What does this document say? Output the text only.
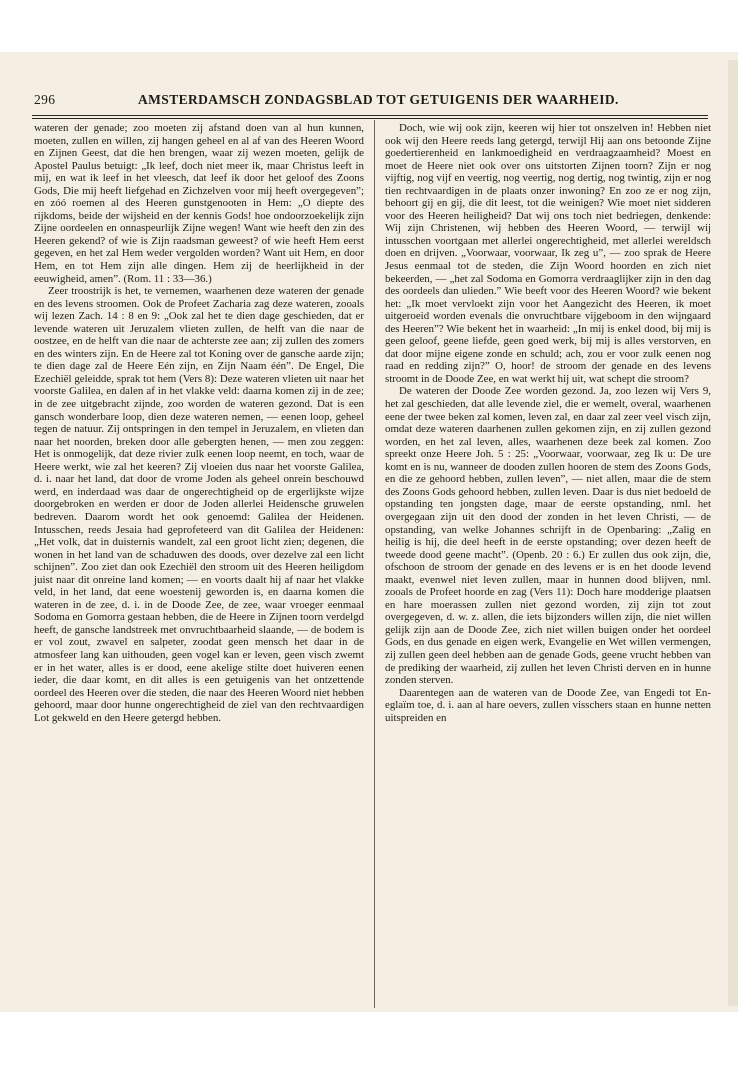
296	AMSTERDAMSCH ZONDAGSBLAD TOT GETUIGENIS DER WAARHEID.

wateren der genade; zoo moeten zij afstand doen van al hun kunnen, moeten, zullen en willen, zij hangen geheel en al af van des Heeren Woord en Zijnen Geest, dat die hen brengen, waar zij wezen moeten, gelijk de Apostel Paulus betuigt: „Ik leef, doch niet meer ik, maar Christus leeft in mij, en wat ik leef in het vleesch, dat leef ik door het geloof des Zoons Gods, Die mij heeft liefgehad en Zichzelven voor mij heeft overgegeven”; en zóó roemen al des Heeren gunstgenooten in Hem: „O diepte des rijkdoms, beide der wijsheid en der kennis Gods! hoe ondoorzoekelijk zijn Zijne oordeelen en onnaspeurlijk Zijne wegen! Want wie heeft den zin des Heeren gekend? of wie is Zijn raadsman geweest? of wie heeft Hem eerst gegeven, en het zal Hem weder vergolden worden? Want uit Hem, en door Hem, en tot Hem zijn alle dingen. Hem zij de heerlijkheid in der eeuwigheid, amen”. (Rom. 11 : 33—36.)

Zeer troostrijk is het, te vernemen, waarhenen deze wateren der genade en des levens stroomen. Ook de Profeet Zacharia zag deze wateren, zooals wij lezen Zach. 14 : 8 en 9: „Ook zal het te dien dage geschieden, dat er levende wateren uit Jeruzalem vlieten zullen, de helft van die naar de oostzee, en de helft van die naar de achterste zee aan; zij zullen des zomers en des winters zijn. En de Heere zal tot Koning over de gansche aarde zijn; te dien dage zal de Heere Eén zijn, en Zijn Naam één”. De Engel, Die Ezechiël geleidde, sprak tot hem (Vers 8): Deze wateren vlieten uit naar het voorste Galilea, en dalen af in het vlakke veld: daarna komen zij in de zee; in de zee uitgebracht zijnde, zoo worden de wateren gezond. Dat is een gansch wonderbare loop, dien deze wateren nemen, — eenen loop, geheel tegen de natuur. Zij ontspringen in den tempel in Jeruzalem, en vlieten dan naar het noorden, breken door alle gebergten henen, — men zou zeggen: Het is onmogelijk, dat deze rivier zulk eenen loop neemt, en toch, waar de Heere werkt, wie zal het keeren? Zij vloeien dus naar het voorste Galilea, d. i. naar het land, dat door de vrome Joden als geheel onrein beschouwd werd, en inderdaad was daar de ongerechtigheid op de ergerlijkste wijze doorgebroken en werden er door de Joden allerlei Heidensche gruwelen bedreven. Daarom wordt het ook genoemd: Galilea der Heidenen. Intusschen, reeds Jesaia had geprofeteerd van dit Galilea der Heidenen: „Het volk, dat in duisternis wandelt, zal een groot licht zien; degenen, die wonen in het land van de schaduwen des doods, over dezelve zal een licht schijnen”. Zoo ziet dan ook Ezechiël den stroom uit des Heeren heiligdom juist naar dit onreine land komen; — en voorts daalt hij af naar het vlakke veld, in het land, dat eene woestenij geworden is, en daarna komen die wateren in de zee, d. i. in de Doode Zee, de zee, waar vroeger eenmaal Sodoma en Gomorra gestaan hebben, die de Heere in Zijnen toorn verdelgd heeft, de gansche landstreek met onvruchtbaarheid slaande, — de bodem is er vol zout, zwavel en salpeter, zoodat geen mensch het daar in de atmosfeer lang kan uithouden, geen vogel kan er leven, geen visch zwemt er in het water, alles is er dood, eene akelige stilte doet huiveren eenen ieder, die daar komt, en dit alles is een getuigenis van het ontzettende oordeel des Heeren over die steden, die naar des Heeren Woord niet hebben gehoord, maar door hunne ongerechtigheid de ziel van den rechtvaardigen Lot gekweld en den Heere getergd hebben.

Doch, wie wij ook zijn, keeren wij hier tot onszelven in! Hebben niet ook wij den Heere reeds lang getergd, terwijl Hij aan ons betoonde Zijne goedertierenheid en lankmoedigheid en verdraagzaamheid? Moest en moet de Heere niet ook over ons uitstorten Zijnen toorn? Zijn er nog vijftig, nog vijf en veertig, nog veertig, nog dertig, nog twintig, zijn er nog tien rechtvaardigen in de plaats onzer inwoning? En zoo ze er nog zijn, behoort gij en gij, die dit leest, tot die weinigen? Wie moet niet sidderen voor des Heeren heiligheid? Dat wij ons toch niet bedriegen, denkende: Wij zijn Christenen, wij hebben des Heeren Woord, — terwijl wij intusschen voortgaan met allerlei ongerechtigheid, met allerlei wereldsch doen en drijven. „Voorwaar, voorwaar, Ik zeg u”, — zoo sprak de Heere Jesus eenmaal tot de steden, die Zijn Woord hoorden en zich niet bekeerden, — „het zal Sodoma en Gomorra verdraaglijker zijn in den dag des oordeels dan ulieden.” Wie beeft voor des Heeren Woord? wie bekent het: „Ik moet vervloekt zijn voor het Aangezicht des Heeren, ik moet uitgeroeid worden evenals die onvruchtbare vijgeboom in den wijngaard des Heeren”? Wie bekent het in waarheid: „In mij is enkel dood, bij mij is geen geloof, geene liefde, geen goed werk, bij mij is alles verstorven, en dat door mijne eigene zonde en schuld; ach, zou er voor zulk eenen nog raad en redding zijn?” O, hoor! de stroom der genade en des levens stroomt in de Doode Zee, en wat werkt hij uit, wat schept die stroom?

De wateren der Doode Zee worden gezond. Ja, zoo lezen wij Vers 9, het zal geschieden, dat alle levende ziel, die er wemelt, overal, waarhenen eene der twee beken zal komen, leven zal, en daar zal zeer veel visch zijn, omdat deze wateren daarhenen zullen gekomen zijn, en zij zullen gezond worden, en het zal leven, alles, waarhenen deze beek zal komen. Zoo spreekt onze Heere Joh. 5 : 25: „Voorwaar, voorwaar, zeg Ik u: De ure komt en is nu, wanneer de dooden zullen hooren de stem des Zoons Gods, en die ze gehoord hebben, zullen leven”, — niet allen, maar die de stem des Zoons Gods gehoord hebben, zullen leven. Daar is dus niet bedoeld de opstanding ten jongsten dage, maar de eerste opstanding, nml. het overgegaan zijn uit den dood der zonden in het leven Christi, — de opstanding, van welke Johannes schrijft in de Openbaring: „Zalig en heilig is hij, die deel heeft in de eerste opstanding; over dezen heeft de tweede dood geene macht”. (Openb. 20 : 6.) Er zullen dus ook zijn, die, ofschoon de stroom der genade en des levens er is en het doode levend maakt, evenwel niet leven zullen, maar in hunnen dood blijven, nml. zooals de Profeet hoorde en zag (Vers 11): Doch hare modderige plaatsen en hare moerassen zullen niet gezond worden, zij zijn tot zout overgegeven, d. w. z. allen, die iets bijzonders willen zijn, die niet willen gelijk zijn aan de Doode Zee, zich niet willen buigen onder het oordeel Gods, en dus genade en eigen werk, Evangelie en Wet willen vermengen, zij zullen geen deel hebben aan de genade Gods, geene vrucht hebben van de prediking der waarheid, zij zullen het leven Christi derven en in hunne zonden sterven.

Daarentegen aan de wateren van de Doode Zee, van Engedi tot En-eglaïm toe, d. i. aan al hare oevers, zullen visschers staan en hunne netten uitspreiden en
